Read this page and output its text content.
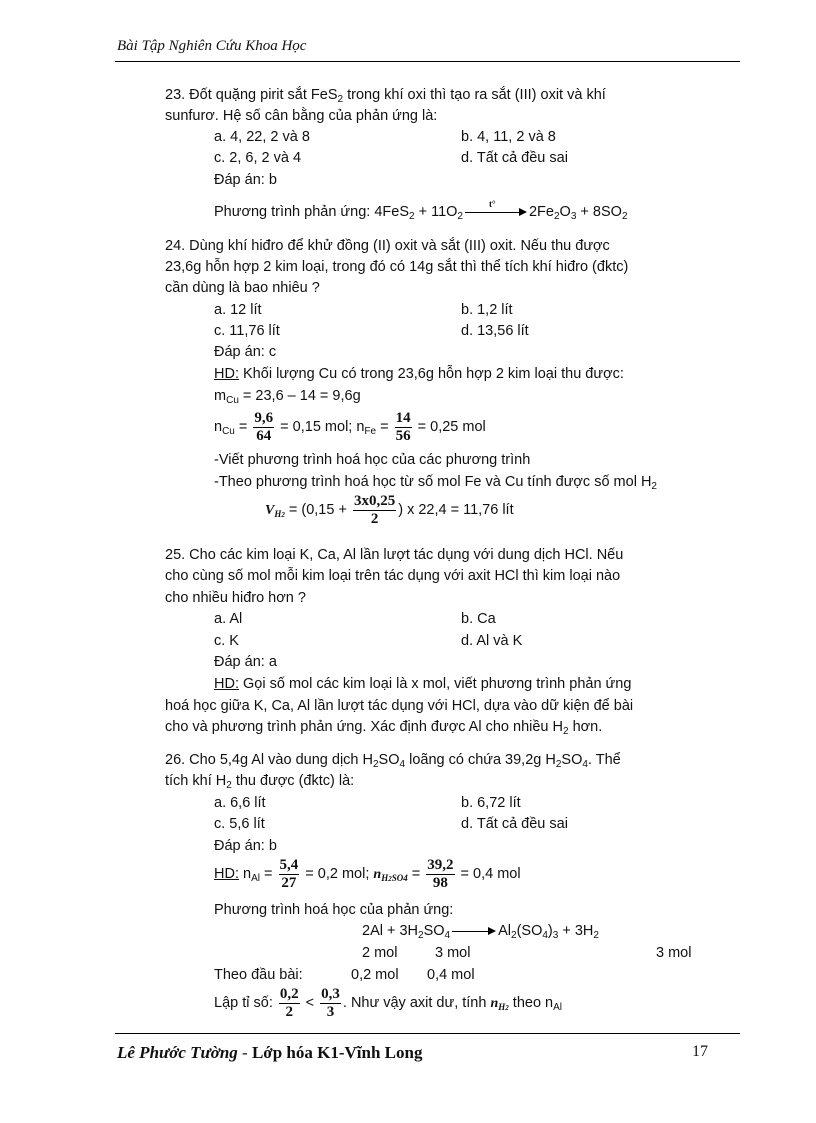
Bài Tập Nghiên Cứu Khoa Học
23. Đốt quặng pirit sắt FeS$_2$ trong khí oxi thì tạo ra sắt (III) oxit và khí
sunfurơ. Hệ số cân bằng của phản ứng là:
a. 4, 22, 2 và 8	b. 4, 11, 2 và 8
c. 2, 6, 2 và 4	d. Tất cả đều sai
Đáp án: b
Phương trình phản ứng: $4FeS_2 + 11O_2$
t° $2Fe_2O_3 + 8SO_2$
24. Dùng khí hiđro để khử đồng (II) oxit và sắt (III) oxit. Nếu thu được
23,6g hỗn hợp 2 kim loại, trong đó có 14g sắt thì thể tích khí hiđro (đktc)
cần dùng là bao nhiêu ?
a. 12 lít	b. 1,2 lít
c. 11,76 lít	d. 13,56 lít
Đáp án: c
HD: Khối lượng Cu có trong 23,6g hỗn hợp 2 kim loại thu được:
$m_{Cu} = 23,6 - 14 = 9,6g$
$n_{Cu} = \frac{9,6}{64} = 0,15$ mol; $n_{Fe} = \frac{14}{56} = 0,25$ mol
-Viết phương trình hoá học của các phương trình
-Theo phương trình hoá học từ số mol Fe và Cu tính được số mol $H_2$
$V_{H2} = (0,15 + \frac{3x0,25}{2}$ ) x 22,4 = 11,76 lít
25. Cho các kim loại K, Ca, Al lần lượt tác dụng với dung dịch HCl. Nếu
cho cùng số mol mỗi kim loại trên tác dụng với axit HCl thì kim loại nào
cho nhiều hiđro hơn ?
a. Al	b. Ca
c. K	d. Al và K
Đáp án: a
HD: Gọi số mol các kim loại là x mol, viết phương trình phản ứng
hoá học giữa K, Ca, Al lần lượt tác dụng với HCl, dựa vào dữ kiện để bài
cho và phương trình phản ứng. Xác định được Al cho nhiều $H_2$ hơn.
26. Cho 5,4g Al vào dung dịch $H_2SO_4$ loãng có chứa 39,2g $H_2SO_4$. Thể
tích khí $H_2$ thu được (đktc) là:
a. 6,6 lít	b. 6,72 lít
c. 5,6 lít	d. Tất cả đều sai
Đáp án: b
HD: $n_{Al} = \frac{5,4}{27} = 0,2$ mol; $n_{H2SO4} = \frac{39,2}{98} = 0,4$ mol
Phương trình hoá học của phản ứng:
$2Al + 3H_2SO_4$	$Al_2(SO_4)_3 + 3H_2$
2 mol	3 mol	3 mol
Theo đầu bài:	0,2 mol 0,4 mol
Lập tỉ số: $\frac{0,2}{2} < \frac{0,3}{3}$ . Như vậy axit dư, tính $n_{H2}$ theo $n_{Al}$
Lê Phước Tường - Lớp hóa K1-Vĩnh Long	17
